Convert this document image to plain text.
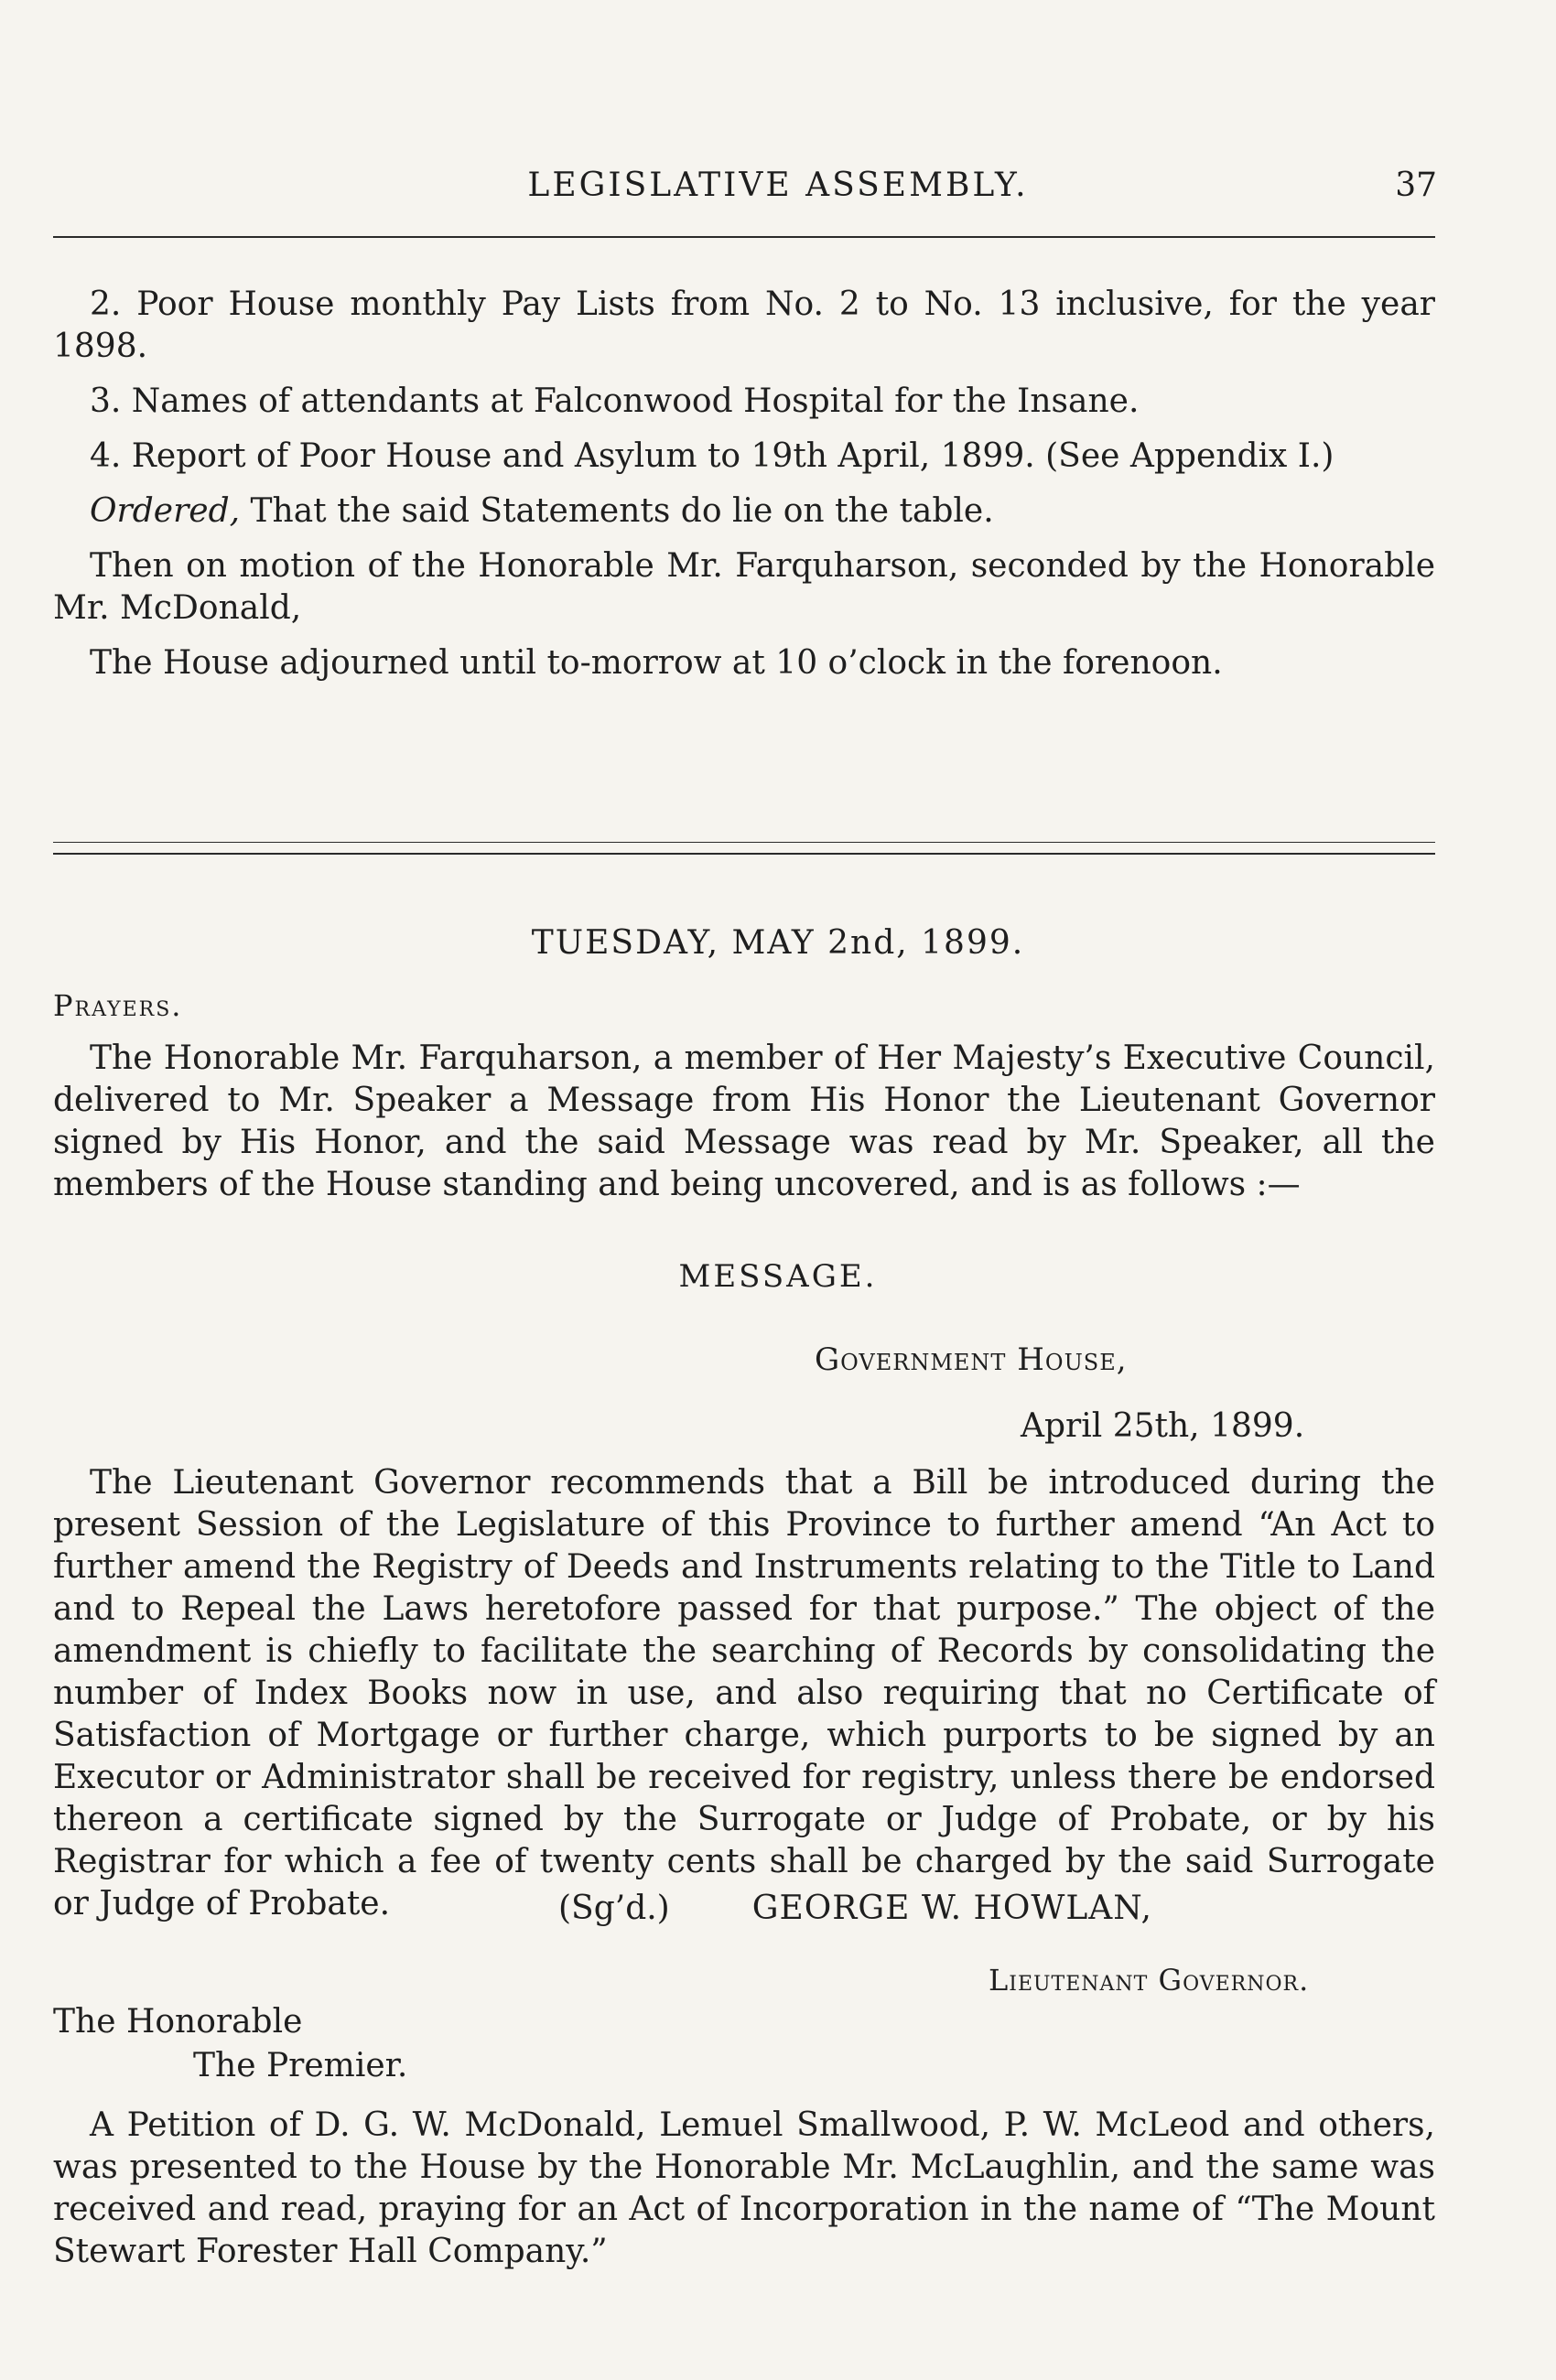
LEGISLATIVE ASSEMBLY.	37

2. Poor House monthly Pay Lists from No. 2 to No. 13 inclusive, for the year 1898.

3. Names of attendants at Falconwood Hospital for the Insane.

4. Report of Poor House and Asylum to 19th April, 1899. (See Appendix I.)

Ordered, That the said Statements do lie on the table.

Then on motion of the Honorable Mr. Farquharson, seconded by the Honorable Mr. McDonald,

The House adjourned until to-morrow at 10 o’clock in the forenoon.

TUESDAY, MAY 2nd, 1899.
Prayers.

The Honorable Mr. Farquharson, a member of Her Majesty’s Executive Council, delivered to Mr. Speaker a Message from His Honor the Lieutenant Governor signed by His Honor, and the said Message was read by Mr. Speaker, all the members of the House standing and being uncovered, and is as follows :—

MESSAGE.
Government House,
April 25th, 1899.

The Lieutenant Governor recommends that a Bill be introduced during the present Session of the Legislature of this Province to further amend “An Act to further amend the Registry of Deeds and Instruments relating to the Title to Land and to Repeal the Laws heretofore passed for that purpose.” The object of the amendment is chiefly to facilitate the searching of Records by consolidating the number of Index Books now in use, and also requiring that no Certificate of Satisfaction of Mortgage or further charge, which purports to be signed by an Executor or Administrator shall be received for registry, unless there be endorsed thereon a certificate signed by the Surrogate or Judge of Probate, or by his Registrar for which a fee of twenty cents shall be charged by the said Surrogate or Judge of Probate.	(Sg’d.)	GEORGE W. HOWLAN,
Lieutenant Governor.
The Honorable
The Premier.

A Petition of D. G. W. McDonald, Lemuel Smallwood, P. W. McLeod and others, was presented to the House by the Honorable Mr. McLaughlin, and the same was received and read, praying for an Act of Incorporation in the name of “The Mount Stewart Forester Hall Company.”
